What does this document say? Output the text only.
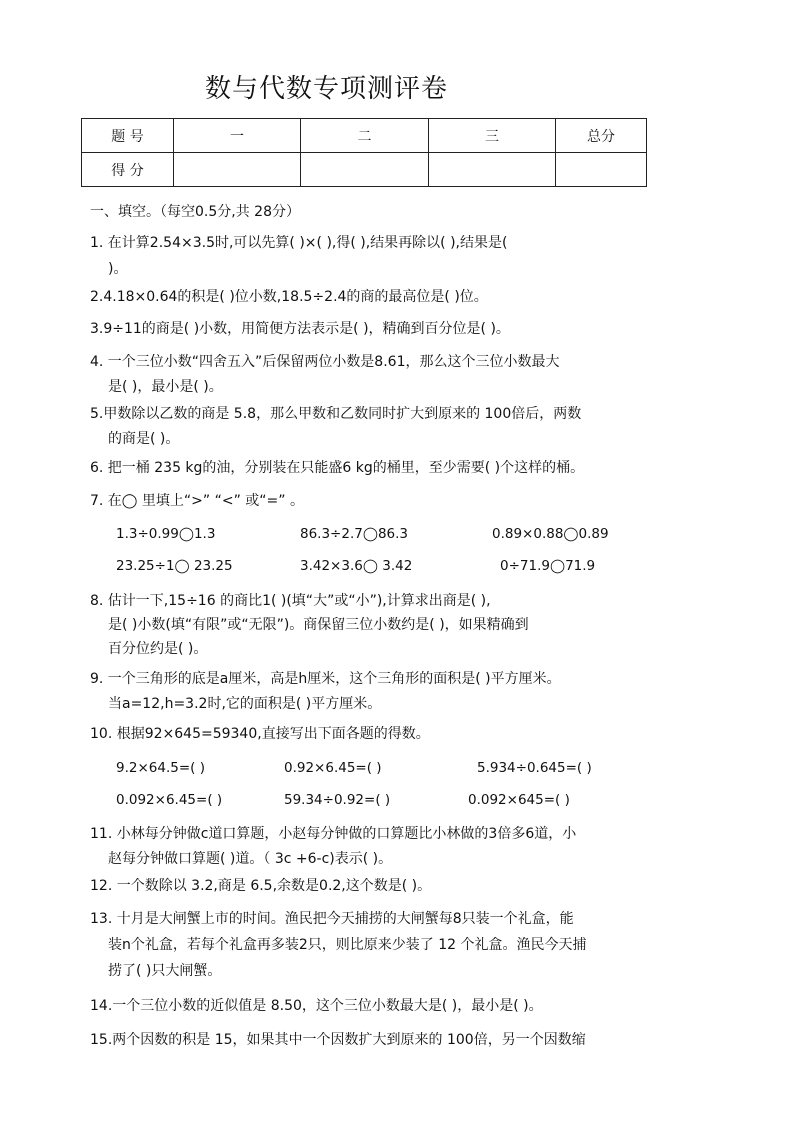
数与代数专项测评卷
题 号	一	二	三	总分
得 分				
一、填空。（每空0.5分,共 28分）
1. 在计算2.54×3.5时,可以先算( )×( ),得( ),结果再除以( ),结果是(
)。
2.4.18×0.64的积是( )位小数,18.5÷2.4的商的最高位是( )位。
3.9÷11的商是( )小数，用简便方法表示是( )，精确到百分位是( )。
4. 一个三位小数“四舍五入”后保留两位小数是8.61，那么这个三位小数最大
是( )，最小是( )。
5.甲数除以乙数的商是 5.8，那么甲数和乙数同时扩大到原来的 100倍后，两数
的商是( )。
6. 把一桶 235 kg的油，分别装在只能盛6 kg的桶里，至少需要( )个这样的桶。
7. 在◯ 里填上“>” “<” 或“=” 。
1.3÷0.99◯1.3	86.3÷2.7◯86.3	0.89×0.88◯0.89
23.25÷1◯ 23.25	3.42×3.6◯ 3.42	0÷71.9◯71.9
8. 估计一下,15÷16 的商比1( )(填“大”或“小”),计算求出商是( ),
是( )小数(填“有限”或“无限”)。商保留三位小数约是( )，如果精确到
百分位约是( )。
9. 一个三角形的底是a厘米，高是h厘米，这个三角形的面积是( )平方厘米。
当a=12,h=3.2时,它的面积是( )平方厘米。
10. 根据92×645=59340,直接写出下面各题的得数。
9.2×64.5=( )	0.92×6.45=( )	5.934÷0.645=( )
0.092×6.45=( )	59.34÷0.92=( )	0.092×645=( )
11. 小林每分钟做c道口算题，小赵每分钟做的口算题比小林做的3倍多6道，小
赵每分钟做口算题( )道。（ 3c +6-c)表示( )。
12. 一个数除以 3.2,商是 6.5,余数是0.2,这个数是( )。
13. 十月是大闸蟹上市的时间。渔民把今天捕捞的大闸蟹每8只装一个礼盒，能
装n个礼盒，若每个礼盒再多装2只，则比原来少装了 12 个礼盒。渔民今天捕
捞了( )只大闸蟹。
14.一个三位小数的近似值是 8.50，这个三位小数最大是( )，最小是( )。
15.两个因数的积是 15，如果其中一个因数扩大到原来的 100倍，另一个因数缩
